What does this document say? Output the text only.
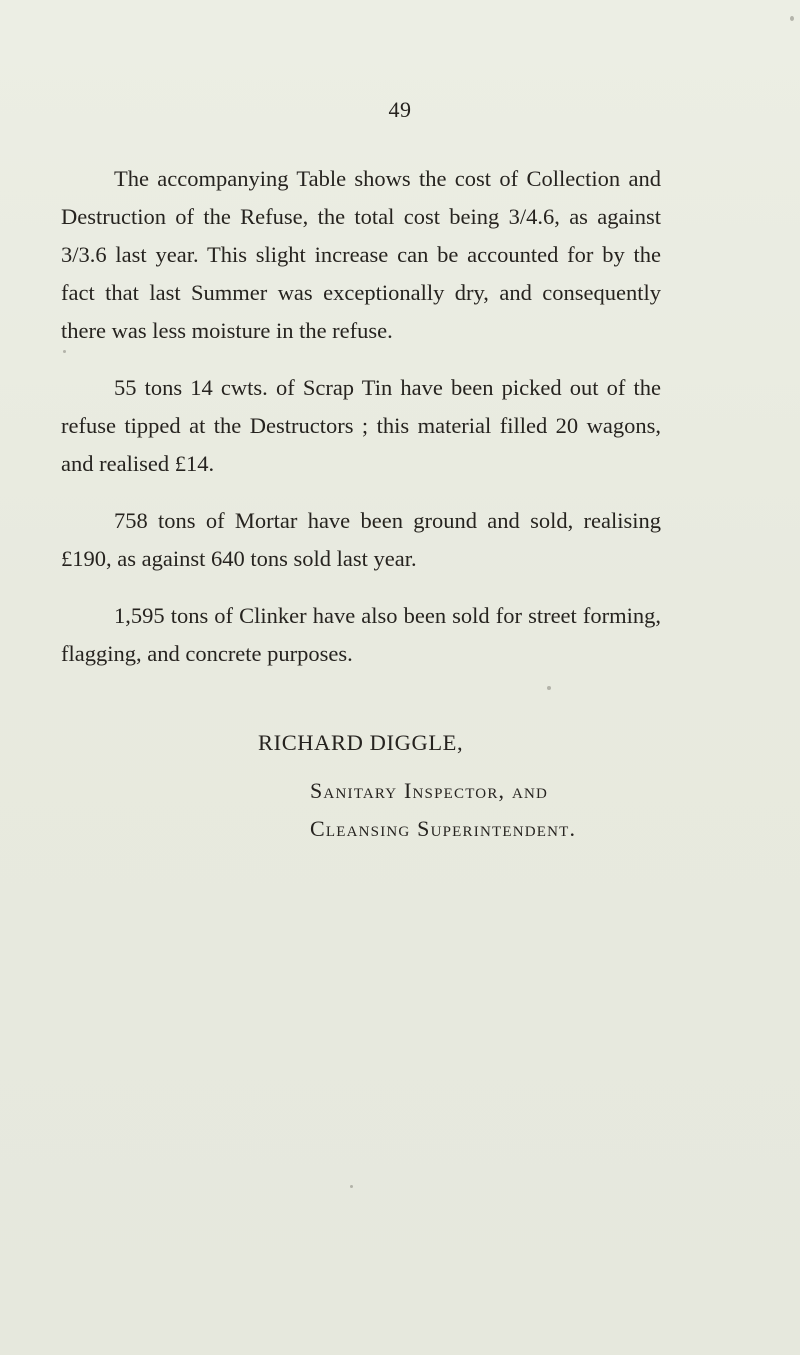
49

The accompanying Table shows the cost of Collection and Destruction of the Refuse, the total cost being 3/4.6, as against 3/3.6 last year. This slight increase can be accounted for by the fact that last Summer was exceptionally dry, and consequently there was less moisture in the refuse.

55 tons 14 cwts. of Scrap Tin have been picked out of the refuse tipped at the Destructors ; this material filled 20 wagons, and realised £14.

758 tons of Mortar have been ground and sold, realising £190, as against 640 tons sold last year.

1,595 tons of Clinker have also been sold for street forming, flagging, and concrete purposes.

RICHARD DIGGLE,
Sanitary Inspector, and
Cleansing Superintendent.
